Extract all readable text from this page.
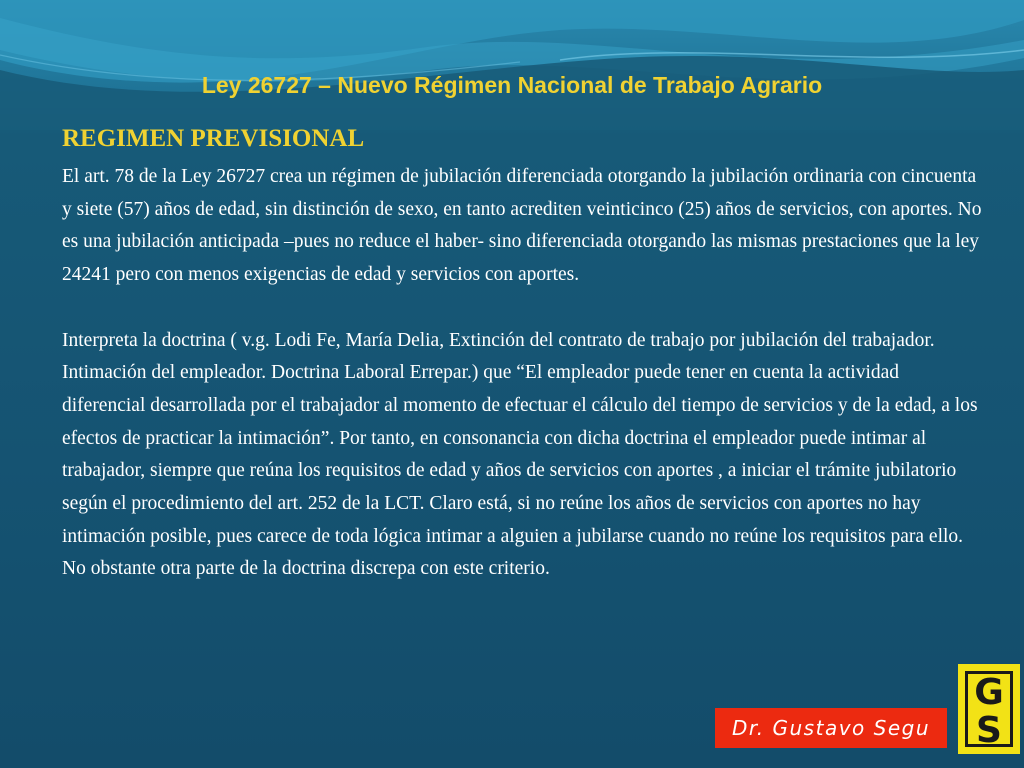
Ley 26727 – Nuevo Régimen Nacional de Trabajo Agrario
REGIMEN PREVISIONAL

El art. 78 de la Ley 26727 crea un régimen de jubilación diferenciada otorgando la jubilación ordinaria con cincuenta y siete (57) años de edad, sin distinción de sexo, en tanto acrediten veinticinco (25) años de servicios, con aportes. No es una jubilación anticipada –pues no reduce el haber- sino diferenciada otorgando las mismas prestaciones que la ley 24241 pero con menos exigencias de edad y servicios con aportes.

Interpreta la doctrina ( v.g. Lodi Fe, María Delia, Extinción del contrato de trabajo por jubilación del trabajador. Intimación del empleador. Doctrina Laboral Errepar.) que “El empleador puede tener en cuenta la actividad diferencial desarrollada por el trabajador al momento de efectuar el cálculo del tiempo de servicios y de la edad, a los efectos de practicar la intimación”. Por tanto, en consonancia con dicha doctrina el empleador puede intimar al trabajador, siempre que reúna los requisitos de edad y años de servicios con aportes , a iniciar el trámite jubilatorio según el procedimiento del art. 252 de la LCT. Claro está, si no reúne los años de servicios con aportes no hay intimación posible, pues carece de toda lógica intimar a alguien a jubilarse cuando no reúne los requisitos para ello.

No obstante otra parte de la doctrina discrepa con este criterio.

Dr. Gustavo Segu
G
S
